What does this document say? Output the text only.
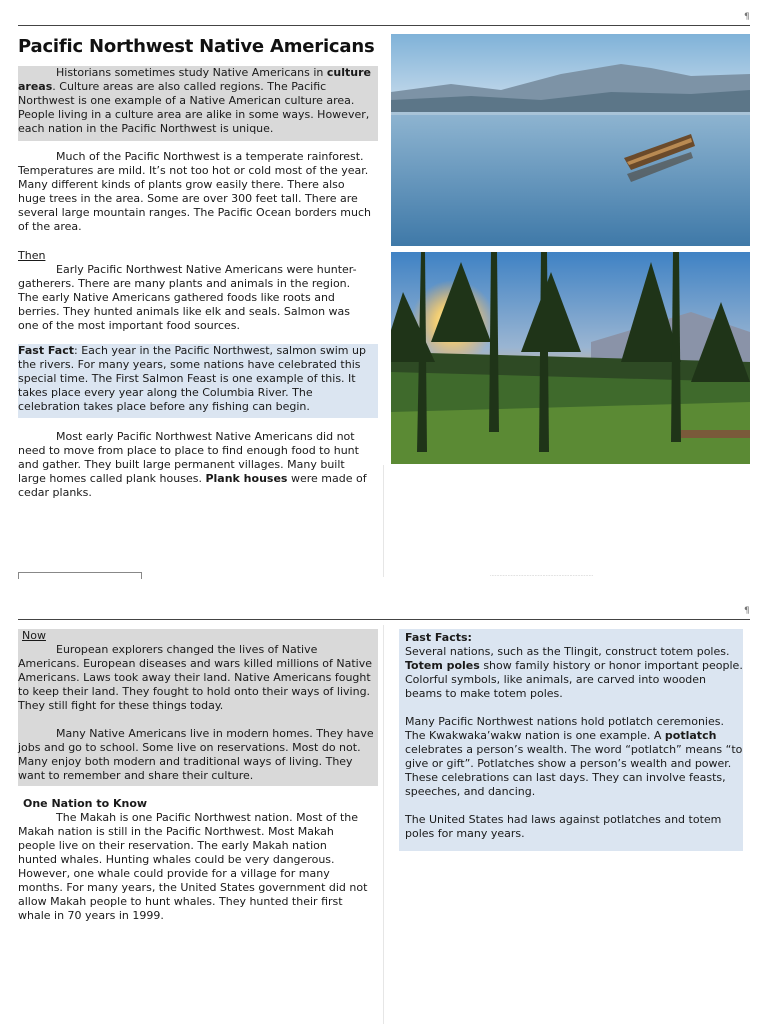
¶
Pacific Northwest Native Americans

Historians sometimes study Native Americans in culture areas. Culture areas are also called regions. The Pacific Northwest is one example of a Native American culture area. People living in a culture area are alike in some ways. However, each nation in the Pacific Northwest is unique.

Much of the Pacific Northwest is a temperate rainforest. Temperatures are mild. It’s not too hot or cold most of the year. Many different kinds of plants grow easily there. There also huge trees in the area. Some are over 300 feet tall. There are several large mountain ranges. The Pacific Ocean borders much of the area.

Then

Early Pacific Northwest Native Americans were hunter-gatherers. There are many plants and animals in the region. The early Native Americans gathered foods like roots and berries. They hunted animals like elk and seals. Salmon was one of the most important food sources.

Fast Fact: Each year in the Pacific Northwest, salmon swim up the rivers. For many years, some nations have celebrated this special time. The First Salmon Feast is one example of this. It takes place every year along the Columbia River. The celebration takes place before any fishing can begin.

Most early Pacific Northwest Native Americans did not need to move from place to place to find enough food to hunt and gather. They built large permanent villages. Many built large homes called plank houses. Plank houses were made of cedar planks.

.................................................................
¶

Now

European explorers changed the lives of Native Americans. European diseases and wars killed millions of Native Americans. Laws took away their land. Native Americans fought to keep their land. They fought to hold onto their ways of living. They still fight for these things today.

Many Native Americans live in modern homes. They have jobs and go to school. Some live on reservations. Most do not. Many enjoy both modern and traditional ways of living. They want to remember and share their culture.

One Nation to Know

The Makah is one Pacific Northwest nation. Most of the Makah nation is still in the Pacific Northwest. Most Makah people live on their reservation. The early Makah nation hunted whales. Hunting whales could be very dangerous. However, one whale could provide for a village for many months. For many years, the United States government did not allow Makah people to hunt whales. They hunted their first whale in 70 years in 1999.

Fast Facts:

Several nations, such as the Tlingit, construct totem poles. Totem poles show family history or honor important people. Colorful symbols, like animals, are carved into wooden beams to make totem poles.

Many Pacific Northwest nations hold potlatch ceremonies. The Kwakwaka’wakw nation is one example. A potlatch celebrates a person’s wealth. The word “potlatch” means “to give or gift”. Potlatches show a person’s wealth and power. These celebrations can last days. They can involve feasts, speeches, and dancing.

The United States had laws against potlatches and totem poles for many years.
